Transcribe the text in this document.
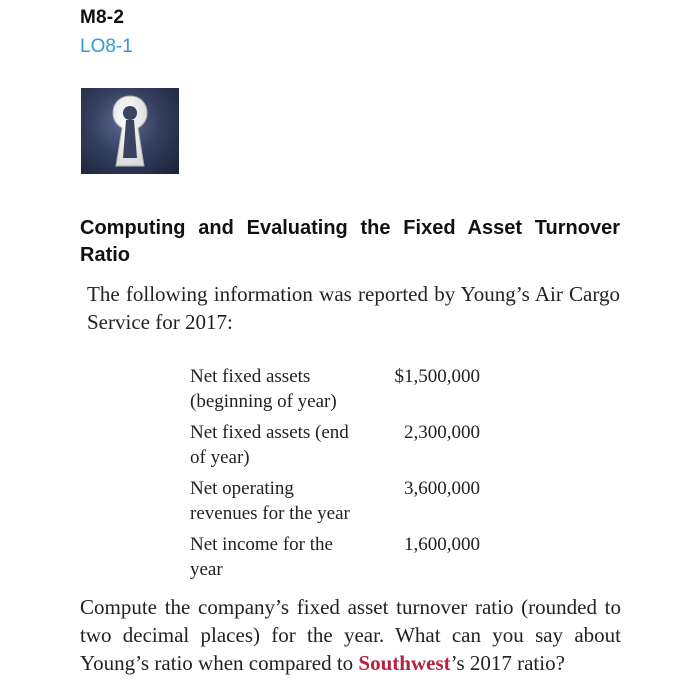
M8-2
LO8-1
Computing and Evaluating the Fixed Asset Turnover Ratio
The following information was reported by Young’s Air Cargo Service for 2017:
Net fixed assets (beginning of year)	$1,500,000
Net fixed assets (end of year)	2,300,000
Net operating revenues for the year	3,600,000
Net income for the year	1,600,000
Compute the company’s fixed asset turnover ratio (rounded to two decimal places) for the year. What can you say about Young’s ratio when compared to Southwest’s 2017 ratio?
